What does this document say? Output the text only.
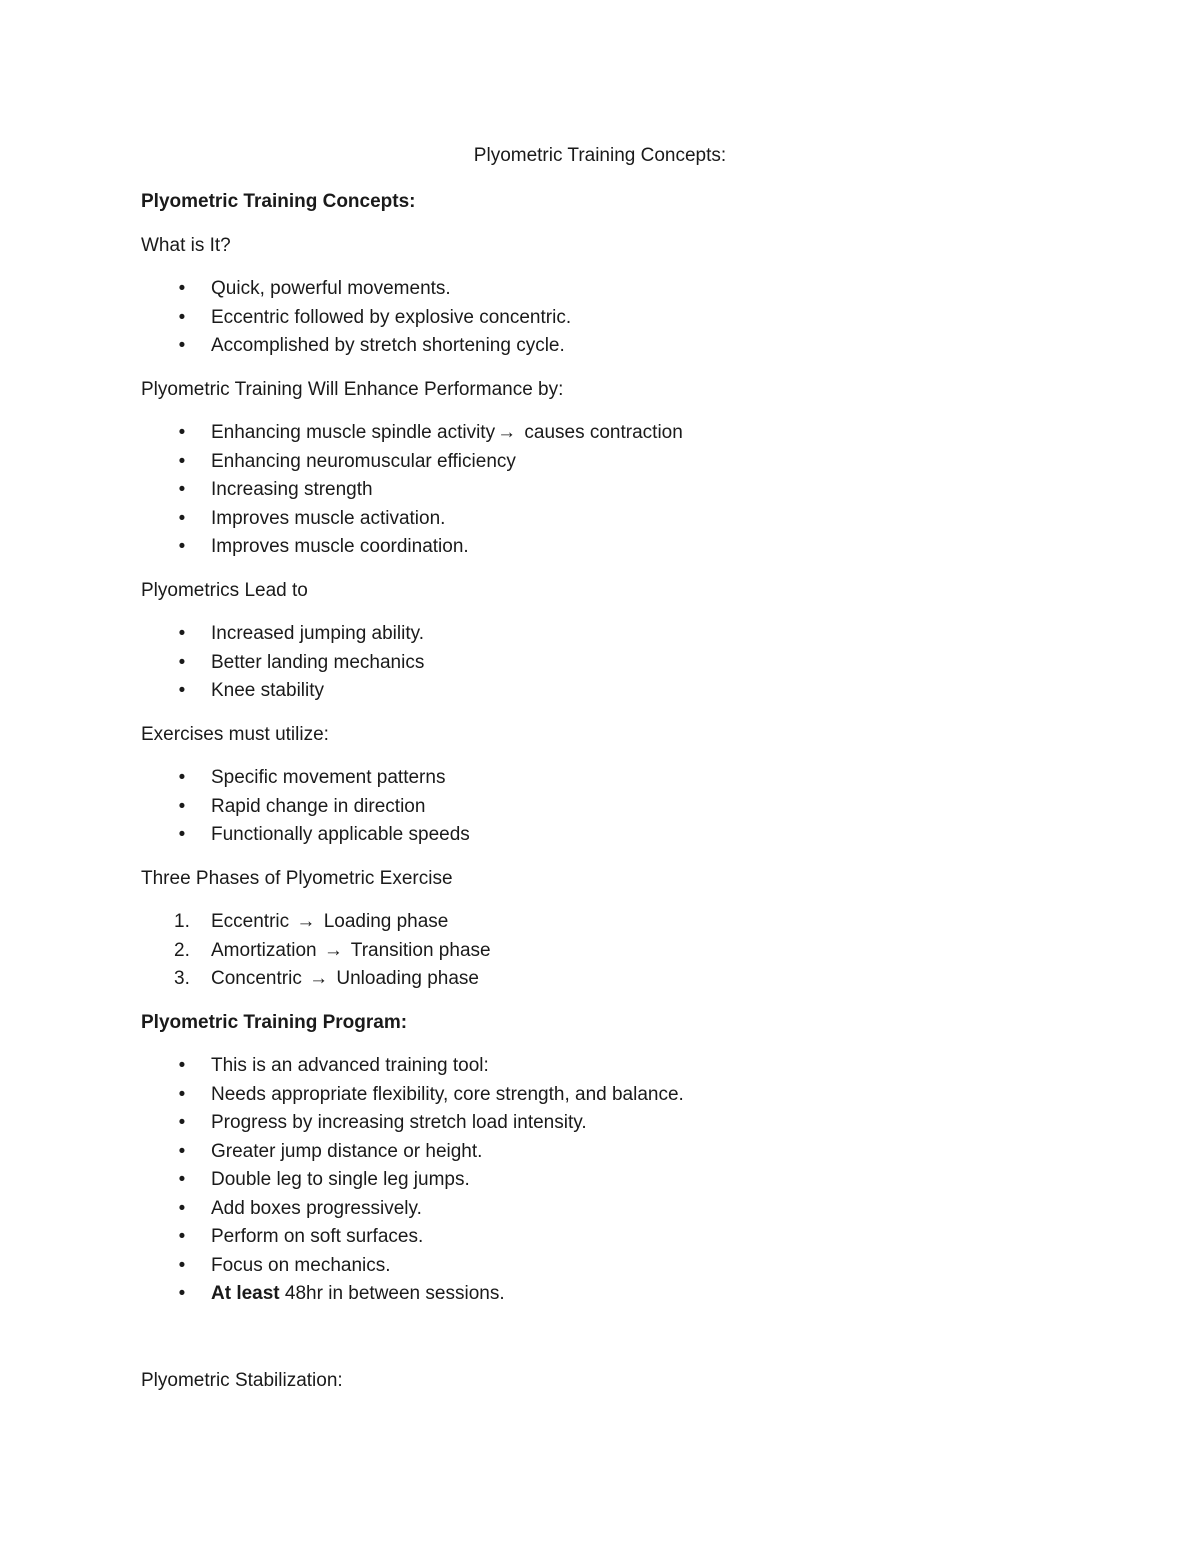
Plyometric Training Concepts:

Plyometric Training Concepts:

What is It?

• Quick, powerful movements.
• Eccentric followed by explosive concentric.
• Accomplished by stretch shortening cycle.

Plyometric Training Will Enhance Performance by:

• Enhancing muscle spindle activity → causes contraction
• Enhancing neuromuscular efficiency
• Increasing strength
• Improves muscle activation.
• Improves muscle coordination.

Plyometrics Lead to

• Increased jumping ability.
• Better landing mechanics
• Knee stability

Exercises must utilize:

• Specific movement patterns
• Rapid change in direction
• Functionally applicable speeds

Three Phases of Plyometric Exercise

1.	Eccentric → Loading phase
2.	Amortization → Transition phase
3.	Concentric → Unloading phase

Plyometric Training Program:

• This is an advanced training tool:
• Needs appropriate flexibility, core strength, and balance.
• Progress by increasing stretch load intensity.
• Greater jump distance or height.
• Double leg to single leg jumps.
• Add boxes progressively.
• Perform on soft surfaces.
• Focus on mechanics.
• At least 48hr in between sessions.

Plyometric Stabilization:
